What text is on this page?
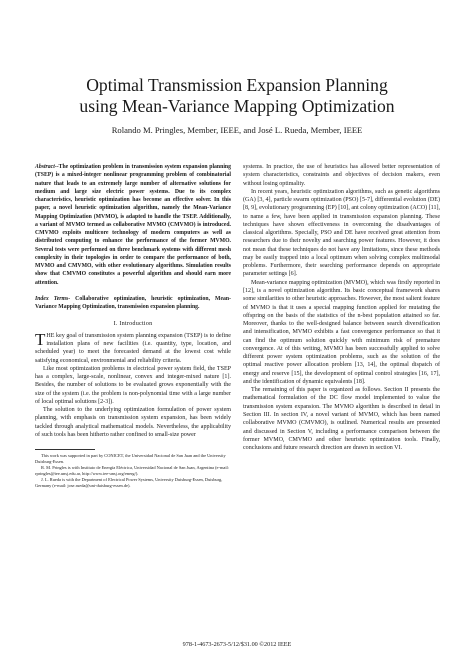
Optimal Transmission Expansion Planning
using Mean-Variance Mapping Optimization
Rolando M. Pringles, Member, IEEE, and José L. Rueda, Member, IEEE
Abstract--The optimization problem in transmission system expansion planning (TSEP) is a mixed-integer nonlinear programming problem of combinatorial nature that leads to an extremely large number of alternative solutions for medium and large size electric power systems. Due to its complex characteristics, heuristic optimization has become an effective solver. In this paper, a novel heuristic optimization algorithm, namely the Mean-Variance Mapping Optimization (MVMO), is adapted to handle the TSEP. Additionally, a variant of MVMO termed as collaborative MVMO (CMVMO) is introduced. CMVMO exploits multicore technology of modern computers as well as distributed computing to enhance the performance of the former MVMO. Several tests were performed on three benchmark systems with different mesh complexity in their topologies in order to compare the performance of both, MVMO and CMVMO, with other evolutionary algorithms. Simulation results show that CMVMO constitutes a powerful algorithm and should earn more attention.
Index Terms- Collaborative optimization, heuristic optimization, Mean-Variance Mapping Optimization, transmission expansion planning.
I. Introduction

THE key goal of transmission system planning expansion (TSEP) is to define installation plans of new facilities (i.e. quantity, type, location, and scheduled year) to meet the forecasted demand at the lowest cost while satisfying economical, environmental and reliability criteria.

Like most optimization problems in electrical power system field, the TSEP has a complex, large-scale, nonlinear, convex and integer-mixed nature [1]. Besides, the number of solutions to be evaluated grows exponentially with the size of the system (i.e. the problem is non-polynomial time with a large number of local optimal solutions [2-3]).

The solution to the underlying optimization formulation of power system planning, with emphasis on transmission system expansion, has been widely tackled through analytical mathematical models. Nevertheless, the applicability of such tools has been hitherto rather confined to small-size power

This work was supported in part by CONICET, the Universidad Nacional de San Juan and the University Duisburg-Essen.

R. M. Pringles is with Instituto de Energía Eléctrica, Universidad Nacional de San Juan, Argentina (e-mail: rpringles@iee.unsj.edu.ar, http://www.iee-unsj.org/energ/).

J. L. Rueda is with the Department of Electrical Power Systems, University Duisburg-Essen, Duisburg, Germany (e-mail: jose.rueda@uni-duisburg-essen.de).

systems. In practice, the use of heuristics has allowed better representation of system characteristics, constraints and objectives of decision makers, even without losing optimality.

In recent years, heuristic optimization algorithms, such as genetic algorithms (GA) [3, 4], particle swarm optimization (PSO) [5-7], differential evolution (DE) [8, 9], evolutionary programming (EP) [10], ant colony optimization (ACO) [11], to name a few, have been applied in transmission expansion planning. These techniques have shown effectiveness in overcoming the disadvantages of classical algorithms. Specially, PSO and DE have received great attention from researchers due to their novelty and searching power features. However, it does not mean that these techniques do not have any limitations, since these methods may be easily trapped into a local optimum when solving complex multimodal problems. Furthermore, their searching performance depends on appropriate parameter settings [6].

Mean-variance mapping optimization (MVMO), which was firstly reported in [12], is a novel optimization algorithm. Its basic conceptual framework shares some similarities to other heuristic approaches. However, the most salient feature of MVMO is that it uses a special mapping function applied for mutating the offspring on the basis of the statistics of the n-best population attained so far. Moreover, thanks to the well-designed balance between search diversification and intensification, MVMO exhibits a fast convergence performance so that it can find the optimum solution quickly with minimum risk of premature convergence. At of this writing, MVMO has been successfully applied to solve different power system optimization problems, such as the solution of the optimal reactive power allocation problem [13, 14], the optimal dispatch of energy and reserve [15], the development of optimal control strategies [16, 17], and the identification of dynamic equivalents [18].

The remaining of this paper is organized as follows. Section II presents the mathematical formulation of the DC flow model implemented to value the transmission system expansion. The MVMO algorithm is described in detail in Section III. In section IV, a novel variant of MVMO, which has been named collaborative MVMO (CMVMO), is outlined. Numerical results are presented and discussed in Section V, including a performance comparison between the former MVMO, CMVMO and other heuristic optimization tools. Finally, conclusions and future research direction are drawn in section VI.

978-1-4673-2673-5/12/$31.00 ©2012 IEEE
